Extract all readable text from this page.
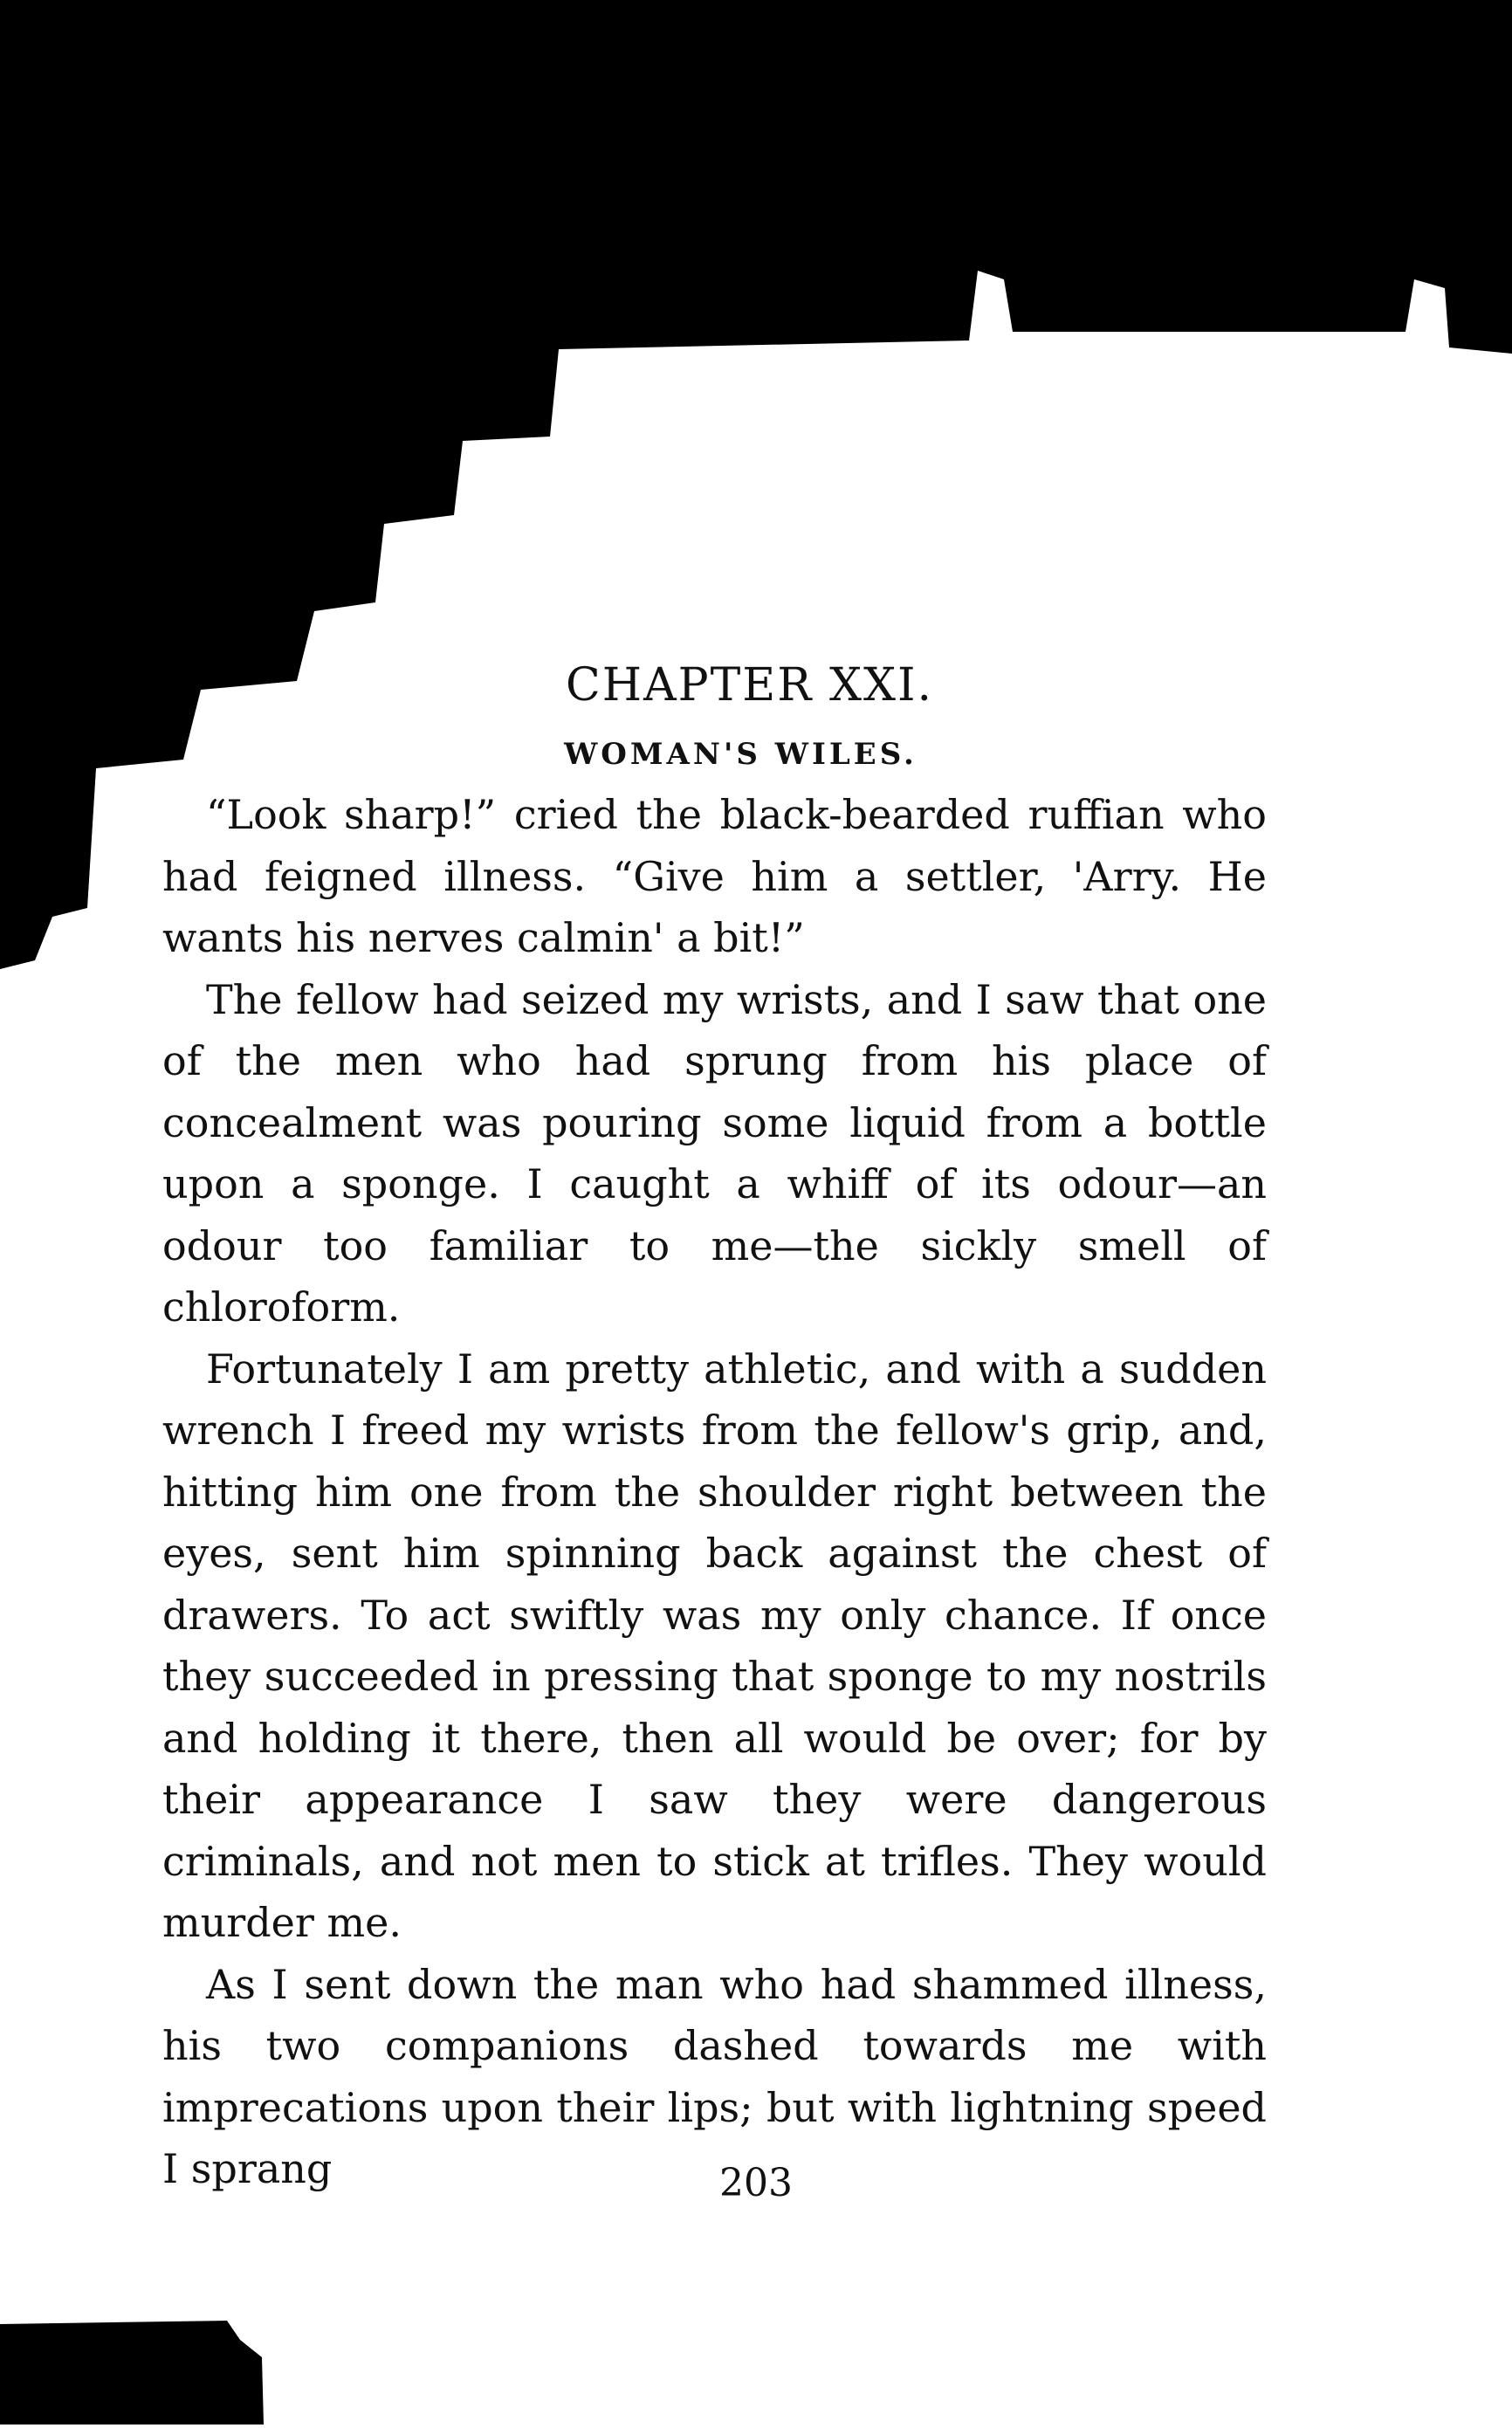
CHAPTER XXI.
WOMAN'S WILES.

“Look sharp!” cried the black-bearded ruffian who had feigned illness. “Give him a settler, 'Arry. He wants his nerves calmin' a bit!”

The fellow had seized my wrists, and I saw that one of the men who had sprung from his place of concealment was pouring some liquid from a bottle upon a sponge. I caught a whiff of its odour—an odour too familiar to me—the sickly smell of chloroform.

Fortunately I am pretty athletic, and with a sudden wrench I freed my wrists from the fellow's grip, and, hitting him one from the shoulder right between the eyes, sent him spinning back against the chest of drawers. To act swiftly was my only chance. If once they succeeded in pressing that sponge to my nostrils and holding it there, then all would be over; for by their appearance I saw they were dangerous criminals, and not men to stick at trifles. They would murder me.

As I sent down the man who had shammed illness, his two companions dashed towards me with imprecations upon their lips; but with lightning speed I sprang	203
